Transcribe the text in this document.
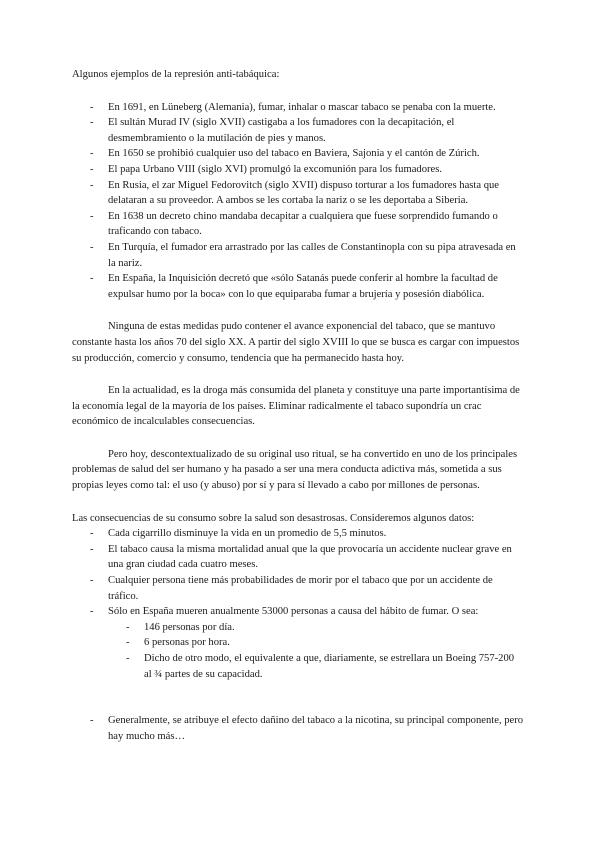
Algunos ejemplos de la represión anti-tabáquica:

- En 1691, en Lüneberg (Alemania), fumar, inhalar o mascar tabaco se penaba con la muerte.
- El sultán Murad IV (siglo XVII) castigaba a los fumadores con la decapitación, el desmembramiento o la mutilación de pies y manos.
- En 1650 se prohibió cualquier uso del tabaco en Baviera, Sajonia y el cantón de Zúrich.
- El papa Urbano VIII (siglo XVI) promulgó la excomunión para los fumadores.
- En Rusia, el zar Miguel Fedorovitch (siglo XVII) dispuso torturar a los fumadores hasta que delataran a su proveedor. A ambos se les cortaba la nariz o se les deportaba a Siberia.
- En 1638 un decreto chino mandaba decapitar a cualquiera que fuese sorprendido fumando o traficando con tabaco.
- En Turquía, el fumador era arrastrado por las calles de Constantinopla con su pipa atravesada en la nariz.
- En España, la Inquisición decretó que «sólo Satanás puede conferir al hombre la facultad de expulsar humo por la boca» con lo que equiparaba fumar a brujería y posesión diabólica.

Ninguna de estas medidas pudo contener el avance exponencial del tabaco, que se mantuvo constante hasta los años 70 del siglo XX. A partir del siglo XVIII lo que se busca es cargar con impuestos su producción, comercio y consumo, tendencia que ha permanecido hasta hoy.

En la actualidad, es la droga más consumida del planeta y constituye una parte importantísima de la economía legal de la mayoría de los países. Eliminar radicalmente el tabaco supondría un crac económico de incalculables consecuencias.

Pero hoy, descontextualizado de su original uso ritual, se ha convertido en uno de los principales problemas de salud del ser humano y ha pasado a ser una mera conducta adictiva más, sometida a sus propias leyes como tal: el uso (y abuso) por sí y para sí llevado a cabo por millones de personas.

Las consecuencias de su consumo sobre la salud son desastrosas. Consideremos algunos datos:

- Cada cigarrillo disminuye la vida en un promedio de 5,5 minutos.
- El tabaco causa la misma mortalidad anual que la que provocaría un accidente nuclear grave en una gran ciudad cada cuatro meses.
- Cualquier persona tiene más probabilidades de morir por el tabaco que por un accidente de tráfico.
- Sólo en España mueren anualmente 53000 personas a causa del hábito de fumar. O sea:
- 146 personas por día.
- 6 personas por hora.
- Dicho de otro modo, el equivalente a que, diariamente, se estrellara un Boeing 757-200 al ¾ partes de su capacidad.
- Generalmente, se atribuye el efecto dañino del tabaco a la nicotina, su principal componente, pero hay mucho más…
